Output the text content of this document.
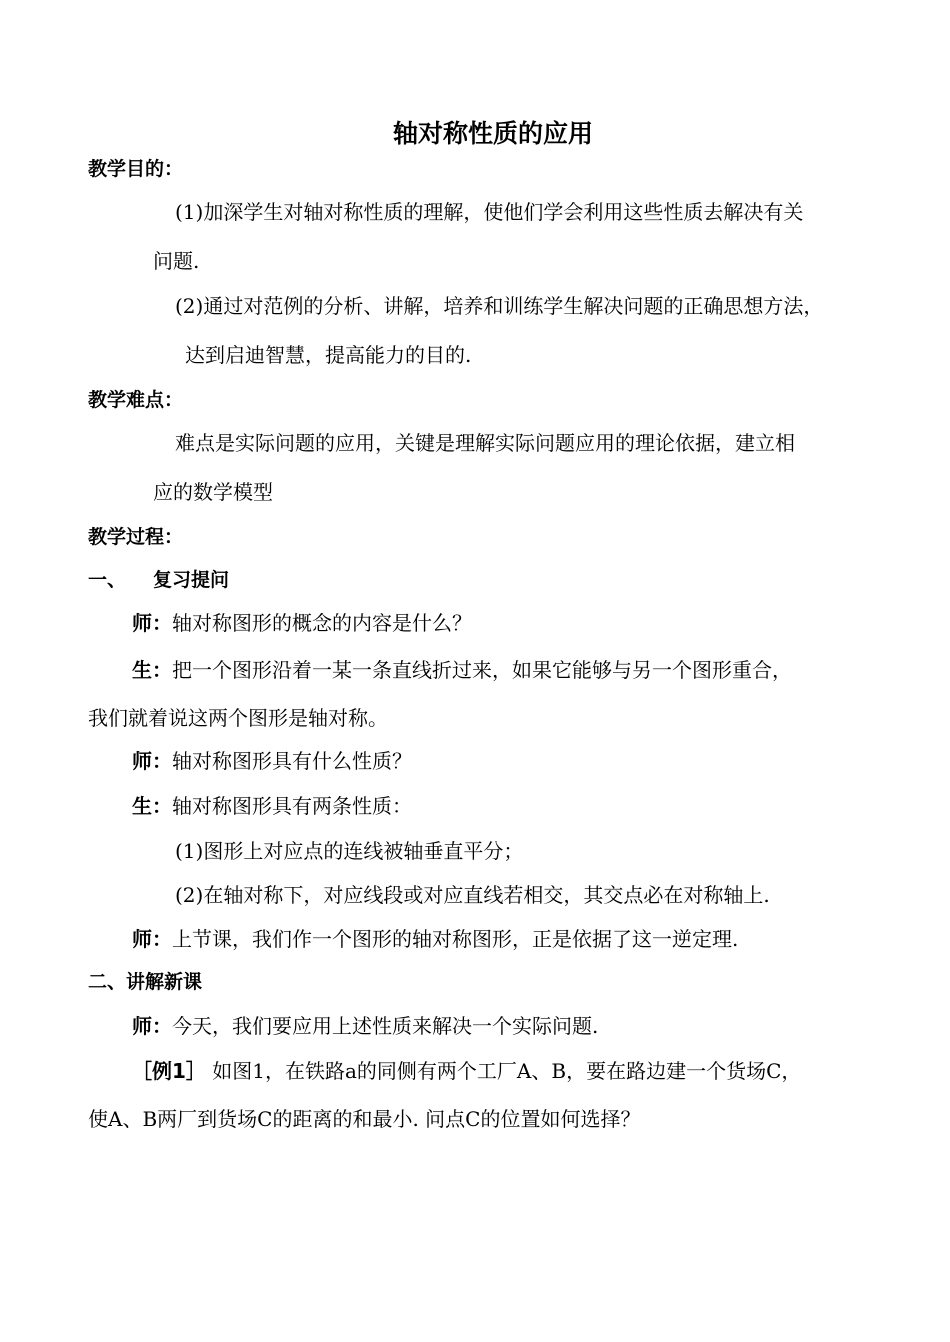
轴对称性质的应用
教学目的：
(1)加深学生对轴对称性质的理解，使他们学会利用这些性质去解决有关
问题.
(2)通过对范例的分析、讲解，培养和训练学生解决问题的正确思想方法，
达到启迪智慧，提高能力的目的.
教学难点：
难点是实际问题的应用，关键是理解实际问题应用的理论依据，建立相
应的数学模型
教学过程：
一、 复习提问
师：轴对称图形的概念的内容是什么？
生：把一个图形沿着一某一条直线折过来，如果它能够与另一个图形重合，
我们就着说这两个图形是轴对称。
师：轴对称图形具有什么性质？
生：轴对称图形具有两条性质：
(1)图形上对应点的连线被轴垂直平分；
(2)在轴对称下，对应线段或对应直线若相交，其交点必在对称轴上.
师：上节课，我们作一个图形的轴对称图形，正是依据了这一逆定理.
二、讲解新课
师：今天，我们要应用上述性质来解决一个实际问题.
［例1］ 如图1，在铁路a的同侧有两个工厂A、B，要在路边建一个货场C，
使A、B两厂到货场C的距离的和最小. 问点C的位置如何选择？
